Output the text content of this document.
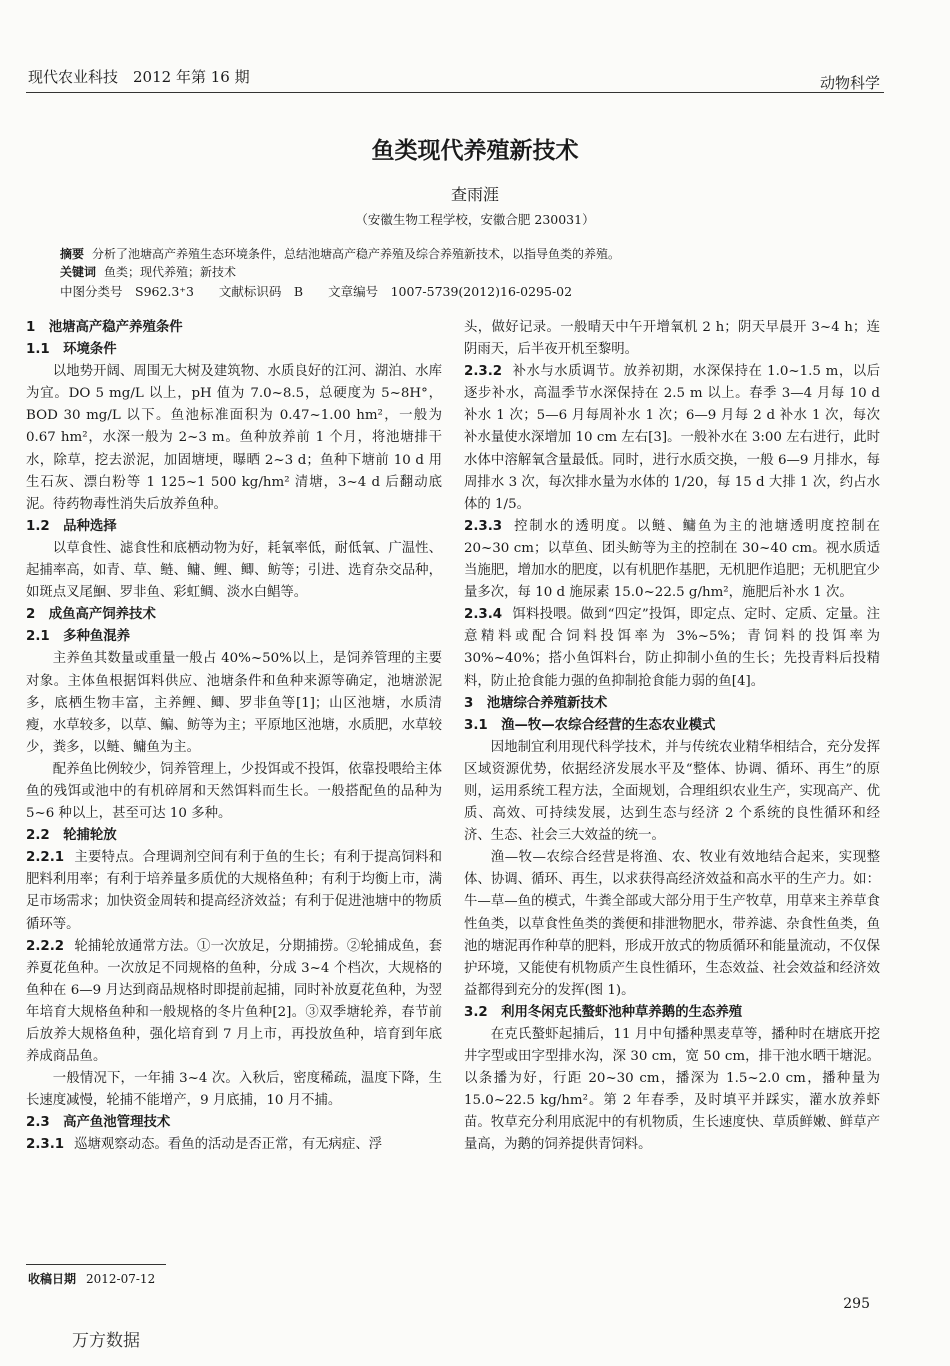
现代农业科技　2012 年第 16 期	动物科学
鱼类现代养殖新技术
查雨涯
（安徽生物工程学校，安徽合肥 230031）
摘要 分析了池塘高产养殖生态环境条件，总结池塘高产稳产养殖及综合养殖新技术，以指导鱼类的养殖。
关键词 鱼类；现代养殖；新技术
中图分类号　S962.3⁺3　　文献标识码　B　　文章编号　1007-5739(2012)16-0295-02
1　池塘高产稳产养殖条件
1.1　环境条件

以地势开阔、周围无大树及建筑物、水质良好的江河、湖泊、水库为宜。DO 5 mg/L 以上，pH 值为 7.0~8.5，总硬度为 5~8H°，BOD 30 mg/L 以下。鱼池标准面积为 0.47~1.00 hm²，一般为 0.67 hm²，水深一般为 2~3 m。鱼种放养前 1 个月，将池塘排干水，除草，挖去淤泥，加固塘埂，曝晒 2~3 d；鱼种下塘前 10 d 用生石灰、漂白粉等 1 125~1 500 kg/hm² 清塘，3~4 d 后翻动底泥。待药物毒性消失后放养鱼种。

1.2　品种选择

以草食性、滤食性和底栖动物为好，耗氧率低，耐低氧、广温性、起捕率高，如青、草、鲢、鳙、鲤、鲫、鲂等；引进、选育杂交品种，如斑点叉尾鮰、罗非鱼、彩虹鲷、淡水白鲳等。

2　成鱼高产饲养技术
2.1　多种鱼混养

主养鱼其数量或重量一般占 40%~50%以上，是饲养管理的主要对象。主体鱼根据饵料供应、池塘条件和鱼种来源等确定，池塘淤泥多，底栖生物丰富，主养鲤、鲫、罗非鱼等[1]；山区池塘，水质清瘦，水草较多，以草、鳊、鲂等为主；平原地区池塘，水质肥，水草较少，粪多，以鲢、鳙鱼为主。

配养鱼比例较少，饲养管理上，少投饵或不投饵，依靠投喂给主体鱼的残饵或池中的有机碎屑和天然饵料而生长。一般搭配鱼的品种为 5~6 种以上，甚至可达 10 多种。

2.2　轮捕轮放

2.2.1 主要特点。合理调剂空间有利于鱼的生长；有利于提高饲料和肥料利用率；有利于培养量多质优的大规格鱼种；有利于均衡上市，满足市场需求；加快资金周转和提高经济效益；有利于促进池塘中的物质循环等。

2.2.2 轮捕轮放通常方法。①一次放足，分期捕捞。②轮捕成鱼，套养夏花鱼种。一次放足不同规格的鱼种，分成 3~4 个档次，大规格的鱼种在 6—9 月达到商品规格时即提前起捕，同时补放夏花鱼种，为翌年培育大规格鱼种和一般规格的冬片鱼种[2]。③双季塘轮养，春节前后放养大规格鱼种，强化培育到 7 月上市，再投放鱼种，培育到年底养成商品鱼。

一般情况下，一年捕 3~4 次。入秋后，密度稀疏，温度下降，生长速度减慢，轮捕不能增产，9 月底捕，10 月不捕。

2.3　高产鱼池管理技术

2.3.1 巡塘观察动态。看鱼的活动是否正常，有无病症、浮

头，做好记录。一般晴天中午开增氧机 2 h；阴天早晨开 3~4 h；连阴雨天，后半夜开机至黎明。

2.3.2 补水与水质调节。放养初期，水深保持在 1.0~1.5 m，以后逐步补水，高温季节水深保持在 2.5 m 以上。春季 3—4 月每 10 d 补水 1 次；5—6 月每周补水 1 次；6—9 月每 2 d 补水 1 次，每次补水量使水深增加 10 cm 左右[3]。一般补水在 3:00 左右进行，此时水体中溶解氧含量最低。同时，进行水质交换，一般 6—9 月排水，每周排水 3 次，每次排水量为水体的 1/20，每 15 d 大排 1 次，约占水体的 1/5。

2.3.3 控制水的透明度。以鲢、鳙鱼为主的池塘透明度控制在 20~30 cm；以草鱼、团头鲂等为主的控制在 30~40 cm。视水质适当施肥，增加水的肥度，以有机肥作基肥，无机肥作追肥；无机肥宜少量多次，每 10 d 施尿素 15.0~22.5 g/hm²，施肥后补水 1 次。

2.3.4 饵料投喂。做到“四定”投饵，即定点、定时、定质、定量。注意精料或配合饲料投饵率为 3%~5%；青饲料的投饵率为 30%~40%；搭小鱼饵料台，防止抑制小鱼的生长；先投青料后投精料，防止抢食能力强的鱼抑制抢食能力弱的鱼[4]。

3　池塘综合养殖新技术
3.1　渔—牧—农综合经营的生态农业模式

因地制宜利用现代科学技术，并与传统农业精华相结合，充分发挥区域资源优势，依据经济发展水平及“整体、协调、循环、再生”的原则，运用系统工程方法，全面规划，合理组织农业生产，实现高产、优质、高效、可持续发展，达到生态与经济 2 个系统的良性循环和经济、生态、社会三大效益的统一。

渔—牧—农综合经营是将渔、农、牧业有效地结合起来，实现整体、协调、循环、再生，以求获得高经济效益和高水平的生产力。如：牛—草—鱼的模式，牛粪全部或大部分用于生产牧草，用草来主养草食性鱼类，以草食性鱼类的粪便和排泄物肥水，带养滤、杂食性鱼类，鱼池的塘泥再作种草的肥料，形成开放式的物质循环和能量流动，不仅保护环境，又能使有机物质产生良性循环，生态效益、社会效益和经济效益都得到充分的发挥(图 1)。

3.2　利用冬闲克氏螯虾池种草养鹅的生态养殖

在克氏螯虾起捕后，11 月中旬播种黑麦草等，播种时在塘底开挖井字型或田字型排水沟，深 30 cm，宽 50 cm，排干池水晒干塘泥。以条播为好，行距 20~30 cm，播深为 1.5~2.0 cm，播种量为 15.0~22.5 kg/hm²。第 2 年春季，及时填平并踩实，灌水放养虾苗。牧草充分利用底泥中的有机物质，生长速度快、草质鲜嫩、鲜草产量高，为鹅的饲养提供青饲料。

收稿日期 2012-07-12
295
万方数据
